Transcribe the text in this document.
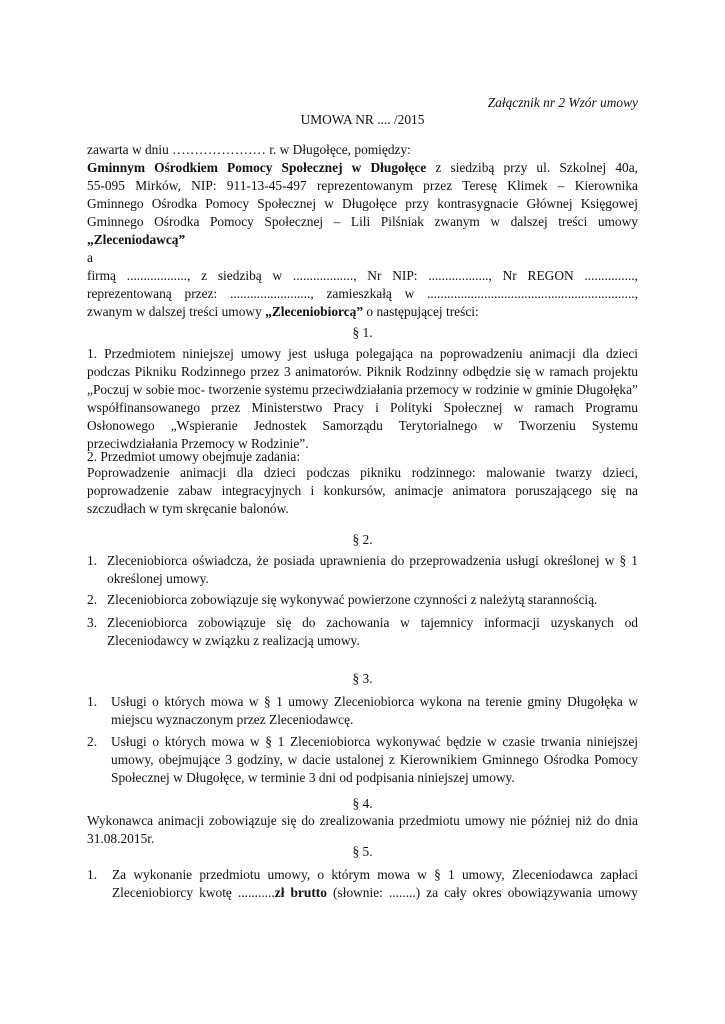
Załącznik nr 2 Wzór umowy
UMOWA NR .... /2015
zawarta w dniu ………………… r. w Długołęce, pomiędzy:
Gminnym Ośrodkiem Pomocy Społecznej w Długołęce z siedzibą przy ul. Szkolnej 40a,
55-095 Mirków, NIP: 911-13-45-497 reprezentowanym przez Teresę Klimek – Kierownika
Gminnego Ośrodka Pomocy Społecznej w Długołęce przy kontrasygnacie Głównej Księgowej
Gminnego Ośrodka Pomocy Społecznej – Lili Pilśniak zwanym w dalszej treści umowy
„Zleceniodawcą”
a
firmą .................., z siedzibą w .................., Nr NIP: .................., Nr REGON ...............,
reprezentowaną przez: ........................, zamieszkałą w ..............................................................,
zwanym w dalszej treści umowy „Zleceniobiorcą” o następującej treści:
§ 1.
1. Przedmiotem niniejszej umowy jest usługa polegająca na poprowadzeniu animacji dla dzieci podczas Pikniku Rodzinnego przez 3 animatorów. Piknik Rodzinny odbędzie się w ramach projektu „Poczuj w sobie moc- tworzenie systemu przeciwdziałania przemocy w rodzinie w gminie Długołęka” współfinansowanego przez Ministerstwo Pracy i Polityki Społecznej w ramach Programu Osłonowego „Wspieranie Jednostek Samorządu Terytorialnego w Tworzeniu Systemu przeciwdziałania Przemocy w Rodzinie”.
2. Przedmiot umowy obejmuje zadania:
Poprowadzenie animacji dla dzieci podczas pikniku rodzinnego: malowanie twarzy dzieci, poprowadzenie zabaw integracyjnych i konkursów, animacje animatora poruszającego się na szczudłach w tym skręcanie balonów.
§ 2.
1. Zleceniobiorca oświadcza, że posiada uprawnienia do przeprowadzenia usługi określonej w § 1 określonej umowy.
2. Zleceniobiorca zobowiązuje się wykonywać powierzone czynności z należytą starannością.
3. Zleceniobiorca zobowiązuje się do zachowania w tajemnicy informacji uzyskanych od Zleceniodawcy w związku z realizacją umowy.
§ 3.
1. Usługi o których mowa w § 1 umowy Zleceniobiorca wykona na terenie gminy Długołęka w miejscu wyznaczonym przez Zleceniodawcę.
2. Usługi o których mowa w § 1 Zleceniobiorca wykonywać będzie w czasie trwania niniejszej umowy, obejmujące 3 godziny, w dacie ustalonej z Kierownikiem Gminnego Ośrodka Pomocy Społecznej w Długołęce, w terminie 3 dni od podpisania niniejszej umowy.
§ 4.
Wykonawca animacji zobowiązuje się do zrealizowania przedmiotu umowy nie później niż do dnia 31.08.2015r.
§ 5.
1. Za wykonanie przedmiotu umowy, o którym mowa w § 1 umowy, Zleceniodawca zapłaci
Zleceniobiorcy kwotę ...........zł brutto (słownie: ........) za cały okres obowiązywania umowy
